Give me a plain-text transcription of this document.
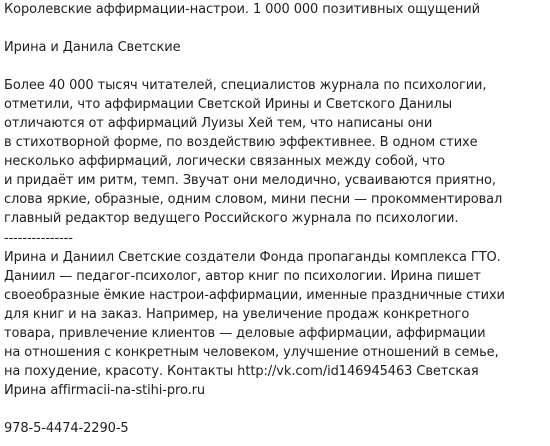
Королевские аффирмации-настрои. 1 000 000 позитивных ощущений
Ирина и Данила Светские
Более 40 000 тысяч читателей, специалистов журнала по психологии,
отметили, что аффирмации Светской Ирины и Светского Данилы
отличаются от аффирмаций Луизы Хей тем, что написаны они
в стихотворной форме, по воздействию эффективнее. В одном стихе
несколько аффирмаций, логически связанных между собой, что
и придаёт им ритм, темп. Звучат они мелодично, усваиваются приятно,
слова яркие, образные, одним словом, мини песни — прокомментировал
главный редактор ведущего Российского журнала по психологии.
---------------
Ирина и Даниил Светские создатели Фонда пропаганды комплекса ГТО.
Даниил — педагог-психолог, автор книг по психологии. Ирина пишет
своеобразные ёмкие настрои-аффирмации, именные праздничные стихи
для книг и на заказ. Например, на увеличение продаж конкретного
товара, привлечение клиентов — деловые аффирмации, аффирмации
на отношения с конкретным человеком, улучшение отношений в семье,
на похудение, красоту. Контакты http://vk.com/id146945463 Светская
Ирина affirmacii-na-stihi-pro.ru
978-5-4474-2290-5
